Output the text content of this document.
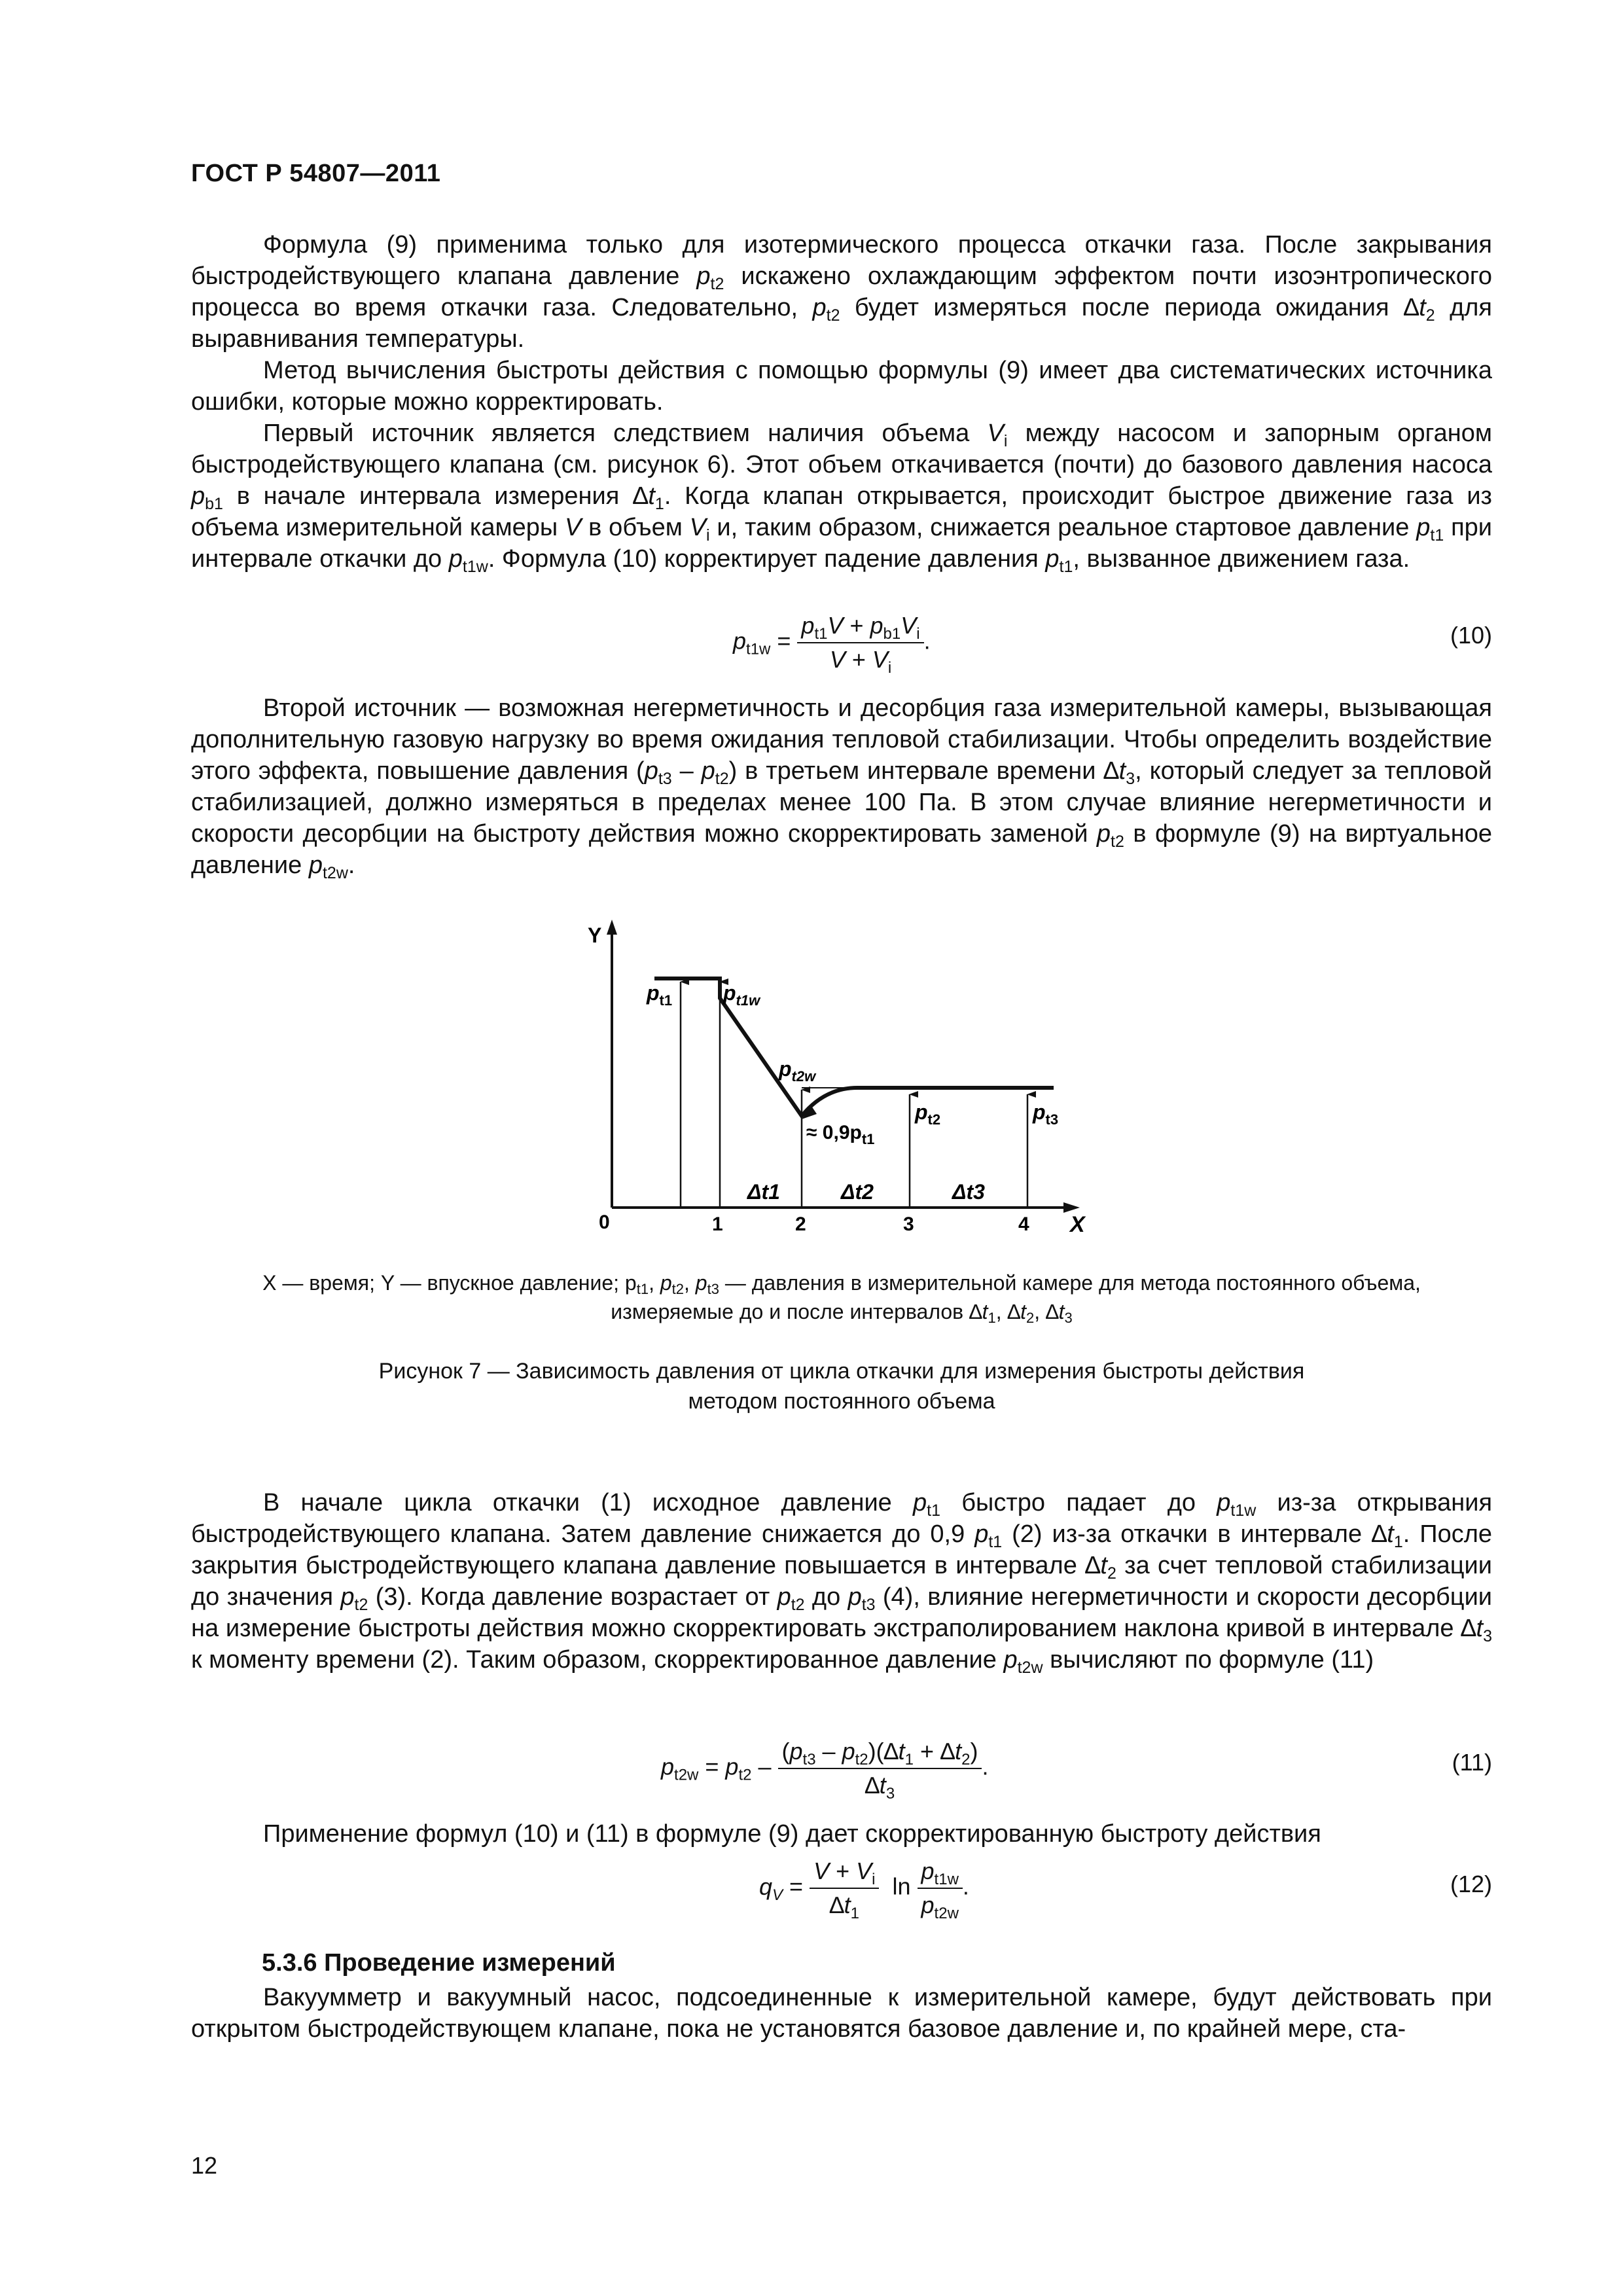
ГОСТ Р 54807—2011

Формула (9) применима только для изотермического процесса откачки газа. После закрывания быстродействующего клапана давление $p_{t2}$ искажено охлаждающим эффектом почти изоэнтропического процесса во время откачки газа. Следовательно, $p_{t2}$ будет измеряться после периода ожидания $\Delta t_2$ для выравнивания температуры.

Метод вычисления быстроты действия с помощью формулы (9) имеет два систематических источника ошибки, которые можно корректировать.

Первый источник является следствием наличия объема $V_i$ между насосом и запорным органом быстродействующего клапана (см. рисунок 6). Этот объем откачивается (почти) до базового давления насоса $p_{b1}$ в начале интервала измерения $\Delta t_1$. Когда клапан открывается, происходит быстрое движение газа из объема измерительной камеры V в объем $V_i$ и, таким образом, снижается реальное стартовое давление $p_{t1}$ при интервале откачки до $p_{t1w}$. Формула (10) корректирует падение давления $p_{t1}$, вызванное движением газа.

$p_{t1w} = \frac{p_{t1}V + p_{b1}V_i}{V + V_i}$ .	(10)

Второй источник — возможная негерметичность и десорбция газа измерительной камеры, вызывающая дополнительную газовую нагрузку во время ожидания тепловой стабилизации. Чтобы определить воздействие этого эффекта, повышение давления $(p_{t3} - p_{t2})$ в третьем интервале времени $\Delta t_3$, который следует за тепловой стабилизацией, должно измеряться в пределах менее 100 Па. В этом случае влияние негерметичности и скорости десорбции на быстроту действия можно скорректировать заменой $p_{t2}$ в формуле (9) на виртуальное давление $p_{t2w}$.

Y
X
0	1	2	3	4
$p_{t1}$ $p_{t1w}$
$p_{t2w}$
$p_{t2}$	$p_{t3}$
≈ $0,9p_{t1}$
Δt1	Δt2	Δt3
X — время; Y — впускное давление; $p_{t1}$, $p_{t2}$, $p_{t3}$ — давления в измерительной камере для метода постоянного объема,
измеряемые до и после интервалов $\Delta t_1$, $\Delta t_2$, $\Delta t_3$
Рисунок 7 — Зависимость давления от цикла откачки для измерения быстроты действия
методом постоянного объема

В начале цикла откачки (1) исходное давление $p_{t1}$ быстро падает до $p_{t1w}$ из-за открывания быстродействующего клапана. Затем давление снижается до 0,9 $p_{t1}$ (2) из-за откачки в интервале $\Delta t_1$. После закрытия быстродействующего клапана давление повышается в интервале $\Delta t_2$ за счет тепловой стабилизации до значения $p_{t2}$ (3). Когда давление возрастает от $p_{t2}$ до $p_{t3}$ (4), влияние негерметичности и скорости десорбции на измерение быстроты действия можно скорректировать экстраполированием наклона кривой в интервале $\Delta t_3$ к моменту времени (2). Таким образом, скорректированное давление $p_{t2w}$ вычисляют по формуле (11)

$p_{t2w} = p_{t2} - \frac{(p_{t3} - p_{t2})(\Delta t_1 + \Delta t_2)}{\Delta t_3}$ .	(11)

Применение формул (10) и (11) в формуле (9) дает скорректированную быстроту действия

$q_V = \frac{V + V_i}{\Delta t_1}$ $\ln \frac{p_{t1w}}{p_{t2w}}$ .	(12)
5.3.6 Проведение измерений

Вакуумметр и вакуумный насос, подсоединенные к измерительной камере, будут действовать при открытом быстродействующем клапане, пока не установятся базовое давление и, по крайней мере, ста-

12
